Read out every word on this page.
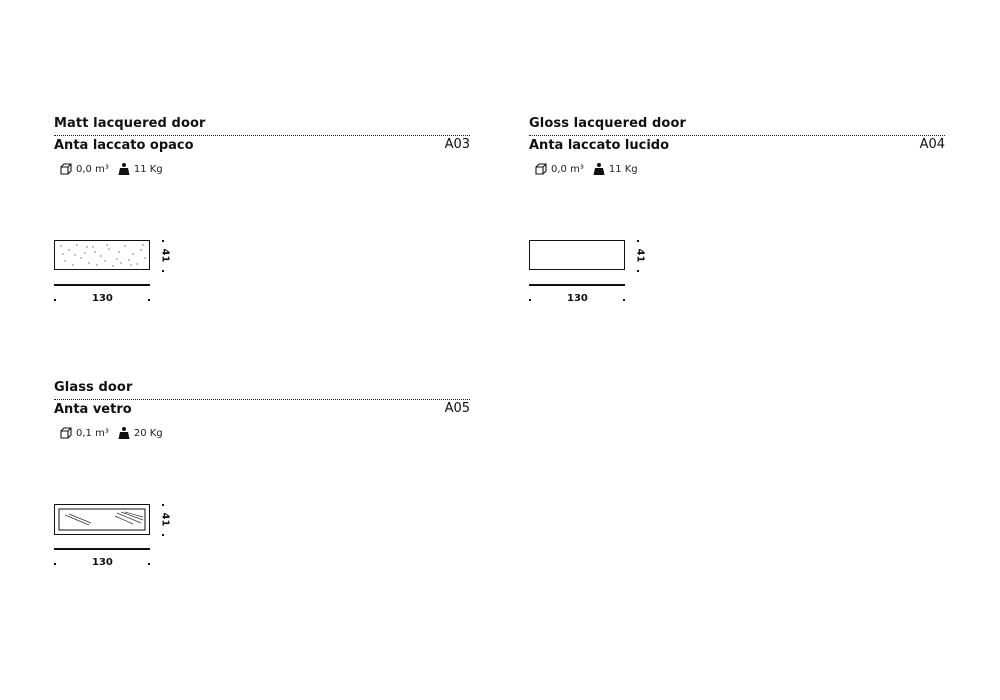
Matt lacquered door
Anta laccato opaco	A03
0,0 m³	11 Kg
41
130
Gloss lacquered door
Anta laccato lucido	A04
0,0 m³	11 Kg
41
130
Glass door
Anta vetro	A05
0,1 m³	20 Kg
41
130
